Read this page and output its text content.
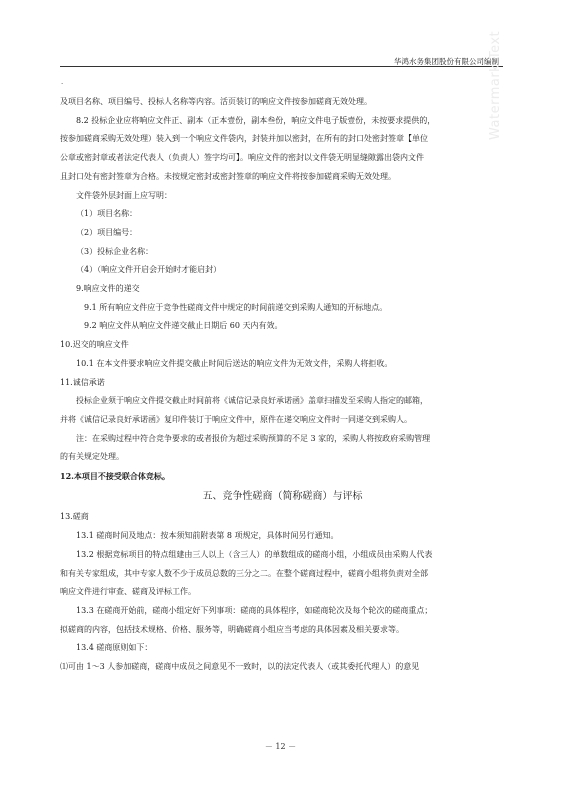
华鸿水务集团股份有限公司编制
Watermark Text
·

及项目名称、项目编号、投标人名称等内容。活页装订的响应文件按参加磋商无效处理。

8.2 投标企业应将响应文件正、副本（正本壹份，副本叁份，响应文件电子版壹份，未按要求提供的，

按参加磋商采购无效处理）装入到一个响应文件袋内，封装并加以密封，在所有的封口处密封签章【单位

公章或密封章或者法定代表人（负责人）签字均可】。响应文件的密封以文件袋无明显缝隙露出袋内文件

且封口处有密封签章为合格。未按规定密封或密封签章的响应文件将按参加磋商采购无效处理。

文件袋外层封面上应写明：

（1）项目名称：

（2）项目编号：

（3）投标企业名称：

（4）（响应文件开启会开始时才能启封）

9.响应文件的递交

9.1 所有响应文件应于竞争性磋商文件中规定的时间前递交到采购人通知的开标地点。

9.2 响应文件从响应文件递交截止日期后 60 天内有效。

10.迟交的响应文件

10.1 在本文件要求响应文件提交截止时间后送达的响应文件为无效文件，采购人将拒收。

11.诚信承诺

投标企业须于响应文件提交截止时间前将《诚信记录良好承诺函》盖章扫描发至采购人指定的邮箱，

并将《诚信记录良好承诺函》复印件装订于响应文件中，原件在递交响应文件时一同递交到采购人。

注：在采购过程中符合竞争要求的或者报价为超过采购预算的不足 3 家的，采购人将按政府采购管理

的有关规定处理。

12.本项目不接受联合体竞标。

五、竞争性磋商（简称磋商）与评标

13.磋商

13.1 磋商时间及地点：按本须知前附表第 8 项规定，具体时间另行通知。

13.2 根据竞标项目的特点组建由三人以上（含三人）的单数组成的磋商小组，小组成员由采购人代表

和有关专家组成，其中专家人数不少于成员总数的三分之二。在整个磋商过程中，磋商小组将负责对全部

响应文件进行审查、磋商及评标工作。

13.3 在磋商开始前，磋商小组定好下列事项：磋商的具体程序，如磋商轮次及每个轮次的磋商重点；

拟磋商的内容，包括技术规格、价格、服务等，明确磋商小组应当考虑的具体因素及相关要求等。

13.4 磋商原则如下：

⑴可由 1～3 人参加磋商，磋商中成员之间意见不一致时，以的法定代表人（或其委托代理人）的意见

－ 12 －
